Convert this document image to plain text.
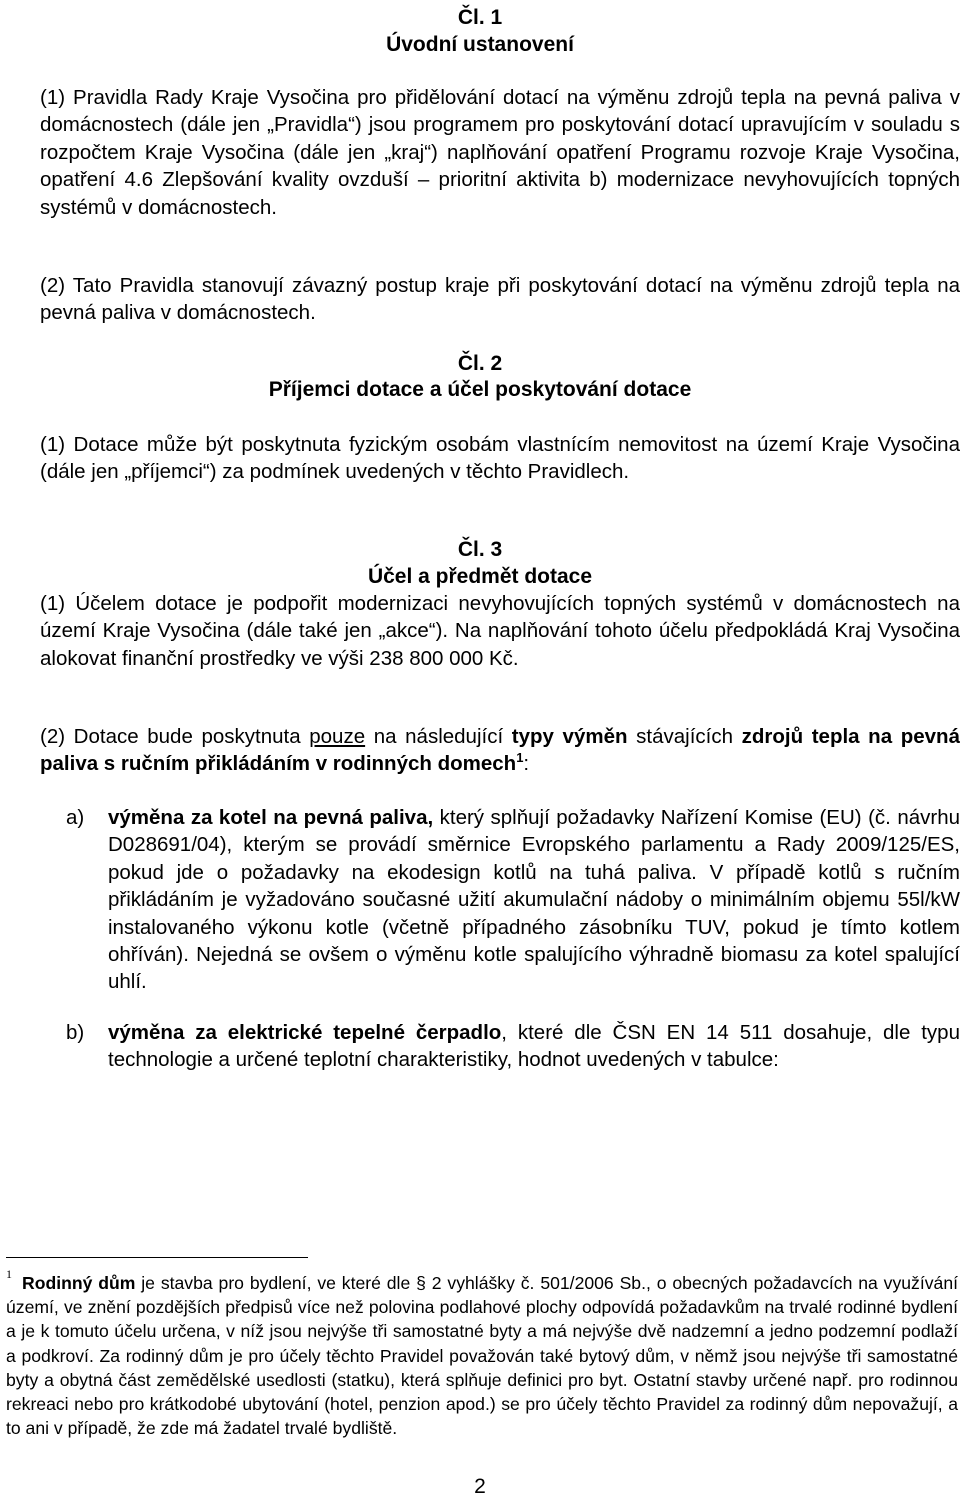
Čl. 1
Úvodní ustanovení
(1) Pravidla Rady Kraje Vysočina pro přidělování dotací na výměnu zdrojů tepla na pevná paliva v domácnostech (dále jen „Pravidla“) jsou programem pro poskytování dotací upravujícím v souladu s rozpočtem Kraje Vysočina (dále jen „kraj“) naplňování opatření Programu rozvoje Kraje Vysočina, opatření 4.6 Zlepšování kvality ovzduší – prioritní aktivita b) modernizace nevyhovujících topných systémů v domácnostech.
(2) Tato Pravidla stanovují závazný postup kraje při poskytování dotací na výměnu zdrojů tepla na pevná paliva v domácnostech.
Čl. 2
Příjemci dotace a účel poskytování dotace
(1) Dotace může být poskytnuta fyzickým osobám vlastnícím nemovitost na území Kraje Vysočina (dále jen „příjemci“) za podmínek uvedených v těchto Pravidlech.
Čl. 3
Účel a předmět dotace
(1) Účelem dotace je podpořit modernizaci nevyhovujících topných systémů v domácnostech na území Kraje Vysočina (dále také jen „akce“). Na naplňování tohoto účelu předpokládá Kraj Vysočina alokovat finanční prostředky ve výši 238 800 000 Kč.
(2) Dotace bude poskytnuta pouze na následující typy výměn stávajících zdrojů tepla na pevná paliva s ručním přikládáním v rodinných domech$^1$:
a)	výměna za kotel na pevná paliva, který splňují požadavky Nařízení Komise (EU) (č. návrhu D028691/04), kterým se provádí směrnice Evropského parlamentu a Rady 2009/125/ES, pokud jde o požadavky na ekodesign kotlů na tuhá paliva. V případě kotlů s ručním přikládáním je vyžadováno současné užití akumulační nádoby o minimálním objemu 55l/kW instalovaného výkonu kotle (včetně případného zásobníku TUV, pokud je tímto kotlem ohříván). Nejedná se ovšem o výměnu kotle spalujícího výhradně biomasu za kotel spalující uhlí.
b)	výměna za elektrické tepelné čerpadlo, které dle ČSN EN 14 511 dosahuje, dle typu technologie a určené teplotní charakteristiky, hodnot uvedených v tabulce:
$^1$ Rodinný dům je stavba pro bydlení, ve které dle § 2 vyhlášky č. 501/2006 Sb., o obecných požadavcích na využívání území, ve znění pozdějších předpisů více než polovina podlahové plochy odpovídá požadavkům na trvalé rodinné bydlení a je k tomuto účelu určena, v níž jsou nejvýše tři samostatné byty a má nejvýše dvě nadzemní a jedno podzemní podlaží a podkroví. Za rodinný dům je pro účely těchto Pravidel považován také bytový dům, v němž jsou nejvýše tři samostatné byty a obytná část zemědělské usedlosti (statku), která splňuje definici pro byt. Ostatní stavby určené např. pro rodinnou rekreaci nebo pro krátkodobé ubytování (hotel, penzion apod.) se pro účely těchto Pravidel za rodinný dům nepovažují, a to ani v případě, že zde má žadatel trvalé bydliště.
2
